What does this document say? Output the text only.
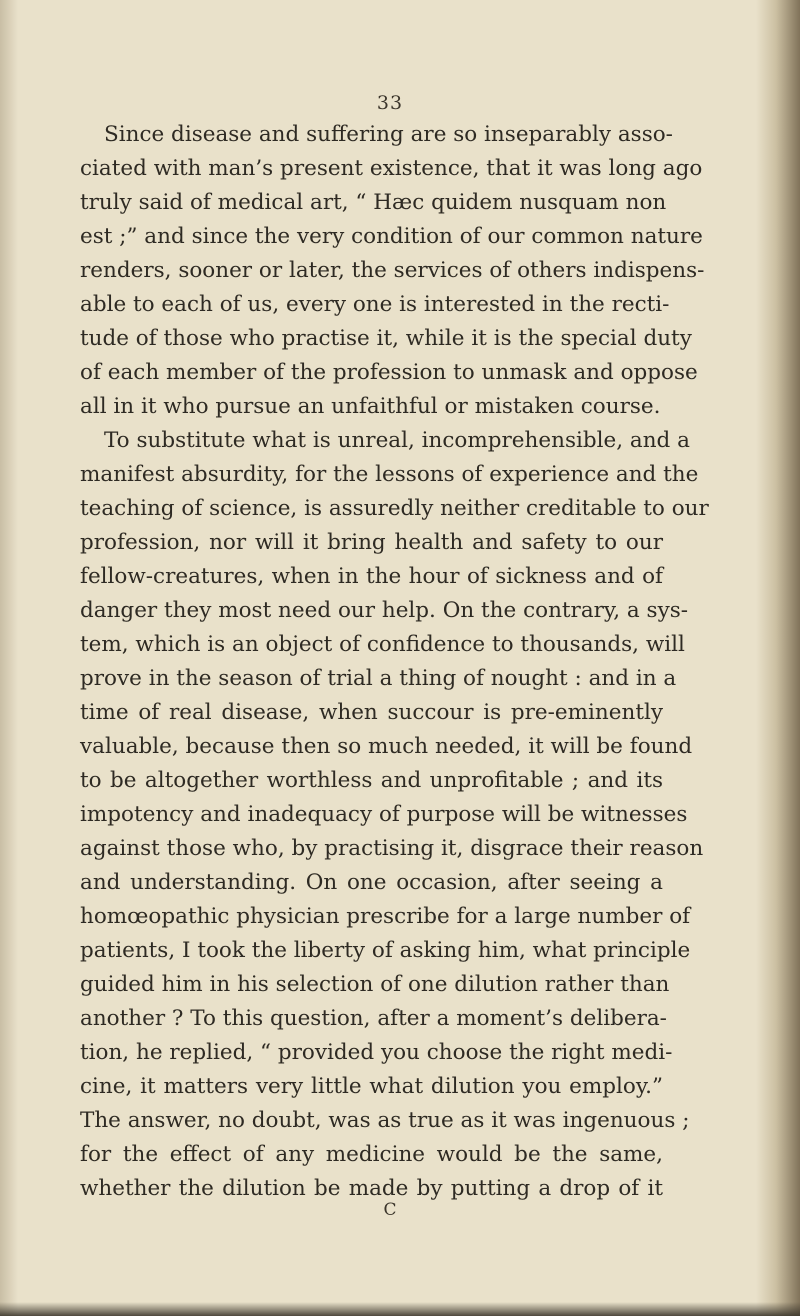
33
Since disease and suffering are so inseparably asso-
ciated with man’s present existence, that it was long ago
truly said of medical art, “ Hæc quidem nusquam non
est ;” and since the very condition of our common nature
renders, sooner or later, the services of others indispens-
able to each of us, every one is interested in the recti-
tude of those who practise it, while it is the special duty
of each member of the profession to unmask and oppose
all in it who pursue an unfaithful or mistaken course.
To substitute what is unreal, incomprehensible, and a
manifest absurdity, for the lessons of experience and the
teaching of science, is assuredly neither creditable to our
profession, nor will it bring health and safety to our
fellow-creatures, when in the hour of sickness and of
danger they most need our help. On the contrary, a sys-
tem, which is an object of confidence to thousands, will
prove in the season of trial a thing of nought : and in a
time of real disease, when succour is pre-eminently
valuable, because then so much needed, it will be found
to be altogether worthless and unprofitable ; and its
impotency and inadequacy of purpose will be witnesses
against those who, by practising it, disgrace their reason
and understanding. On one occasion, after seeing a
homœopathic physician prescribe for a large number of
patients, I took the liberty of asking him, what principle
guided him in his selection of one dilution rather than
another ? To this question, after a moment’s delibera-
tion, he replied, “ provided you choose the right medi-
cine, it matters very little what dilution you employ.”
The answer, no doubt, was as true as it was ingenuous ;
for the effect of any medicine would be the same,
whether the dilution be made by putting a drop of it
C
